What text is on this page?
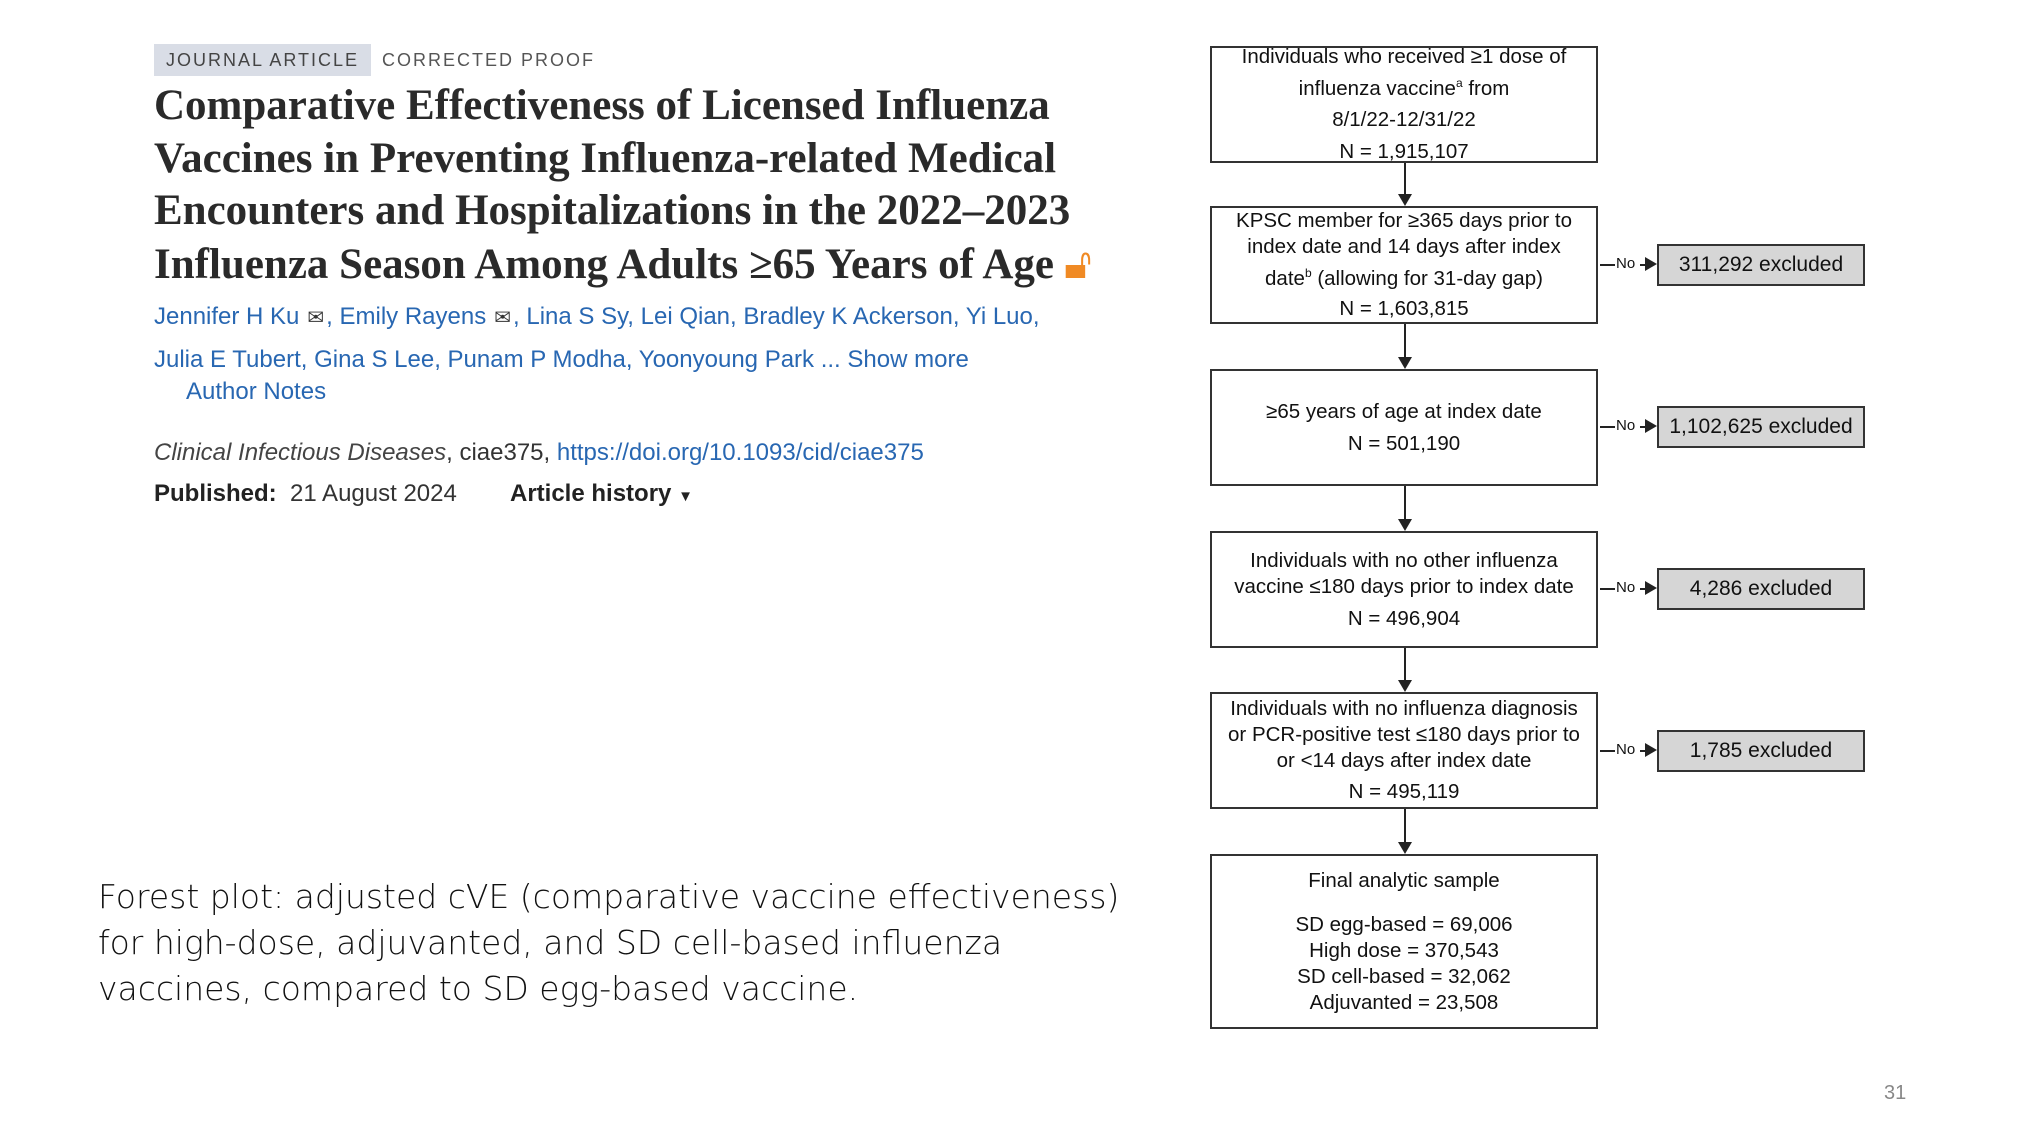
JOURNAL ARTICLE	CORRECTED PROOF
Comparative Effectiveness of Licensed Influenza
Vaccines in Preventing Influenza-related Medical
Encounters and Hospitalizations in the 2022–2023
Influenza Season Among Adults ≥65 Years of Age 🔓︎
Jennifer H Ku ✉, Emily Rayens ✉, Lina S Sy, Lei Qian, Bradley K Ackerson, Yi Luo,
Julia E Tubert, Gina S Lee, Punam P Modha, Yoonyoung Park ... Show more
Author Notes
Clinical Infectious Diseases, ciae375, https://doi.org/10.1093/cid/ciae375
Published: 21 August 2024 Article history ▼
Forest plot: adjusted cVE (comparative vaccine effectiveness) for high-dose, adjuvanted, and SD cell-based influenza vaccines, compared to SD egg-based vaccine.
Individuals who received ≥1 dose of
influenza vaccine$^a$ from
8/1/22-12/31/22
N = 1,915,107
KPSC member for ≥365 days prior to
index date and 14 days after index
date$^b$ (allowing for 31-day gap)
N = 1,603,815
≥65 years of age at index date
N = 501,190
Individuals with no other influenza
vaccine ≤180 days prior to index date
N = 496,904
Individuals with no influenza diagnosis
or PCR-positive test ≤180 days prior to
or <14 days after index date
N = 495,119
Final analytic sample
SD egg-based = 69,006
High dose = 370,543
SD cell-based = 32,062
Adjuvanted = 23,508
No	311,292 excluded
No	1,102,625 excluded
No	4,286 excluded
No	1,785 excluded
31
